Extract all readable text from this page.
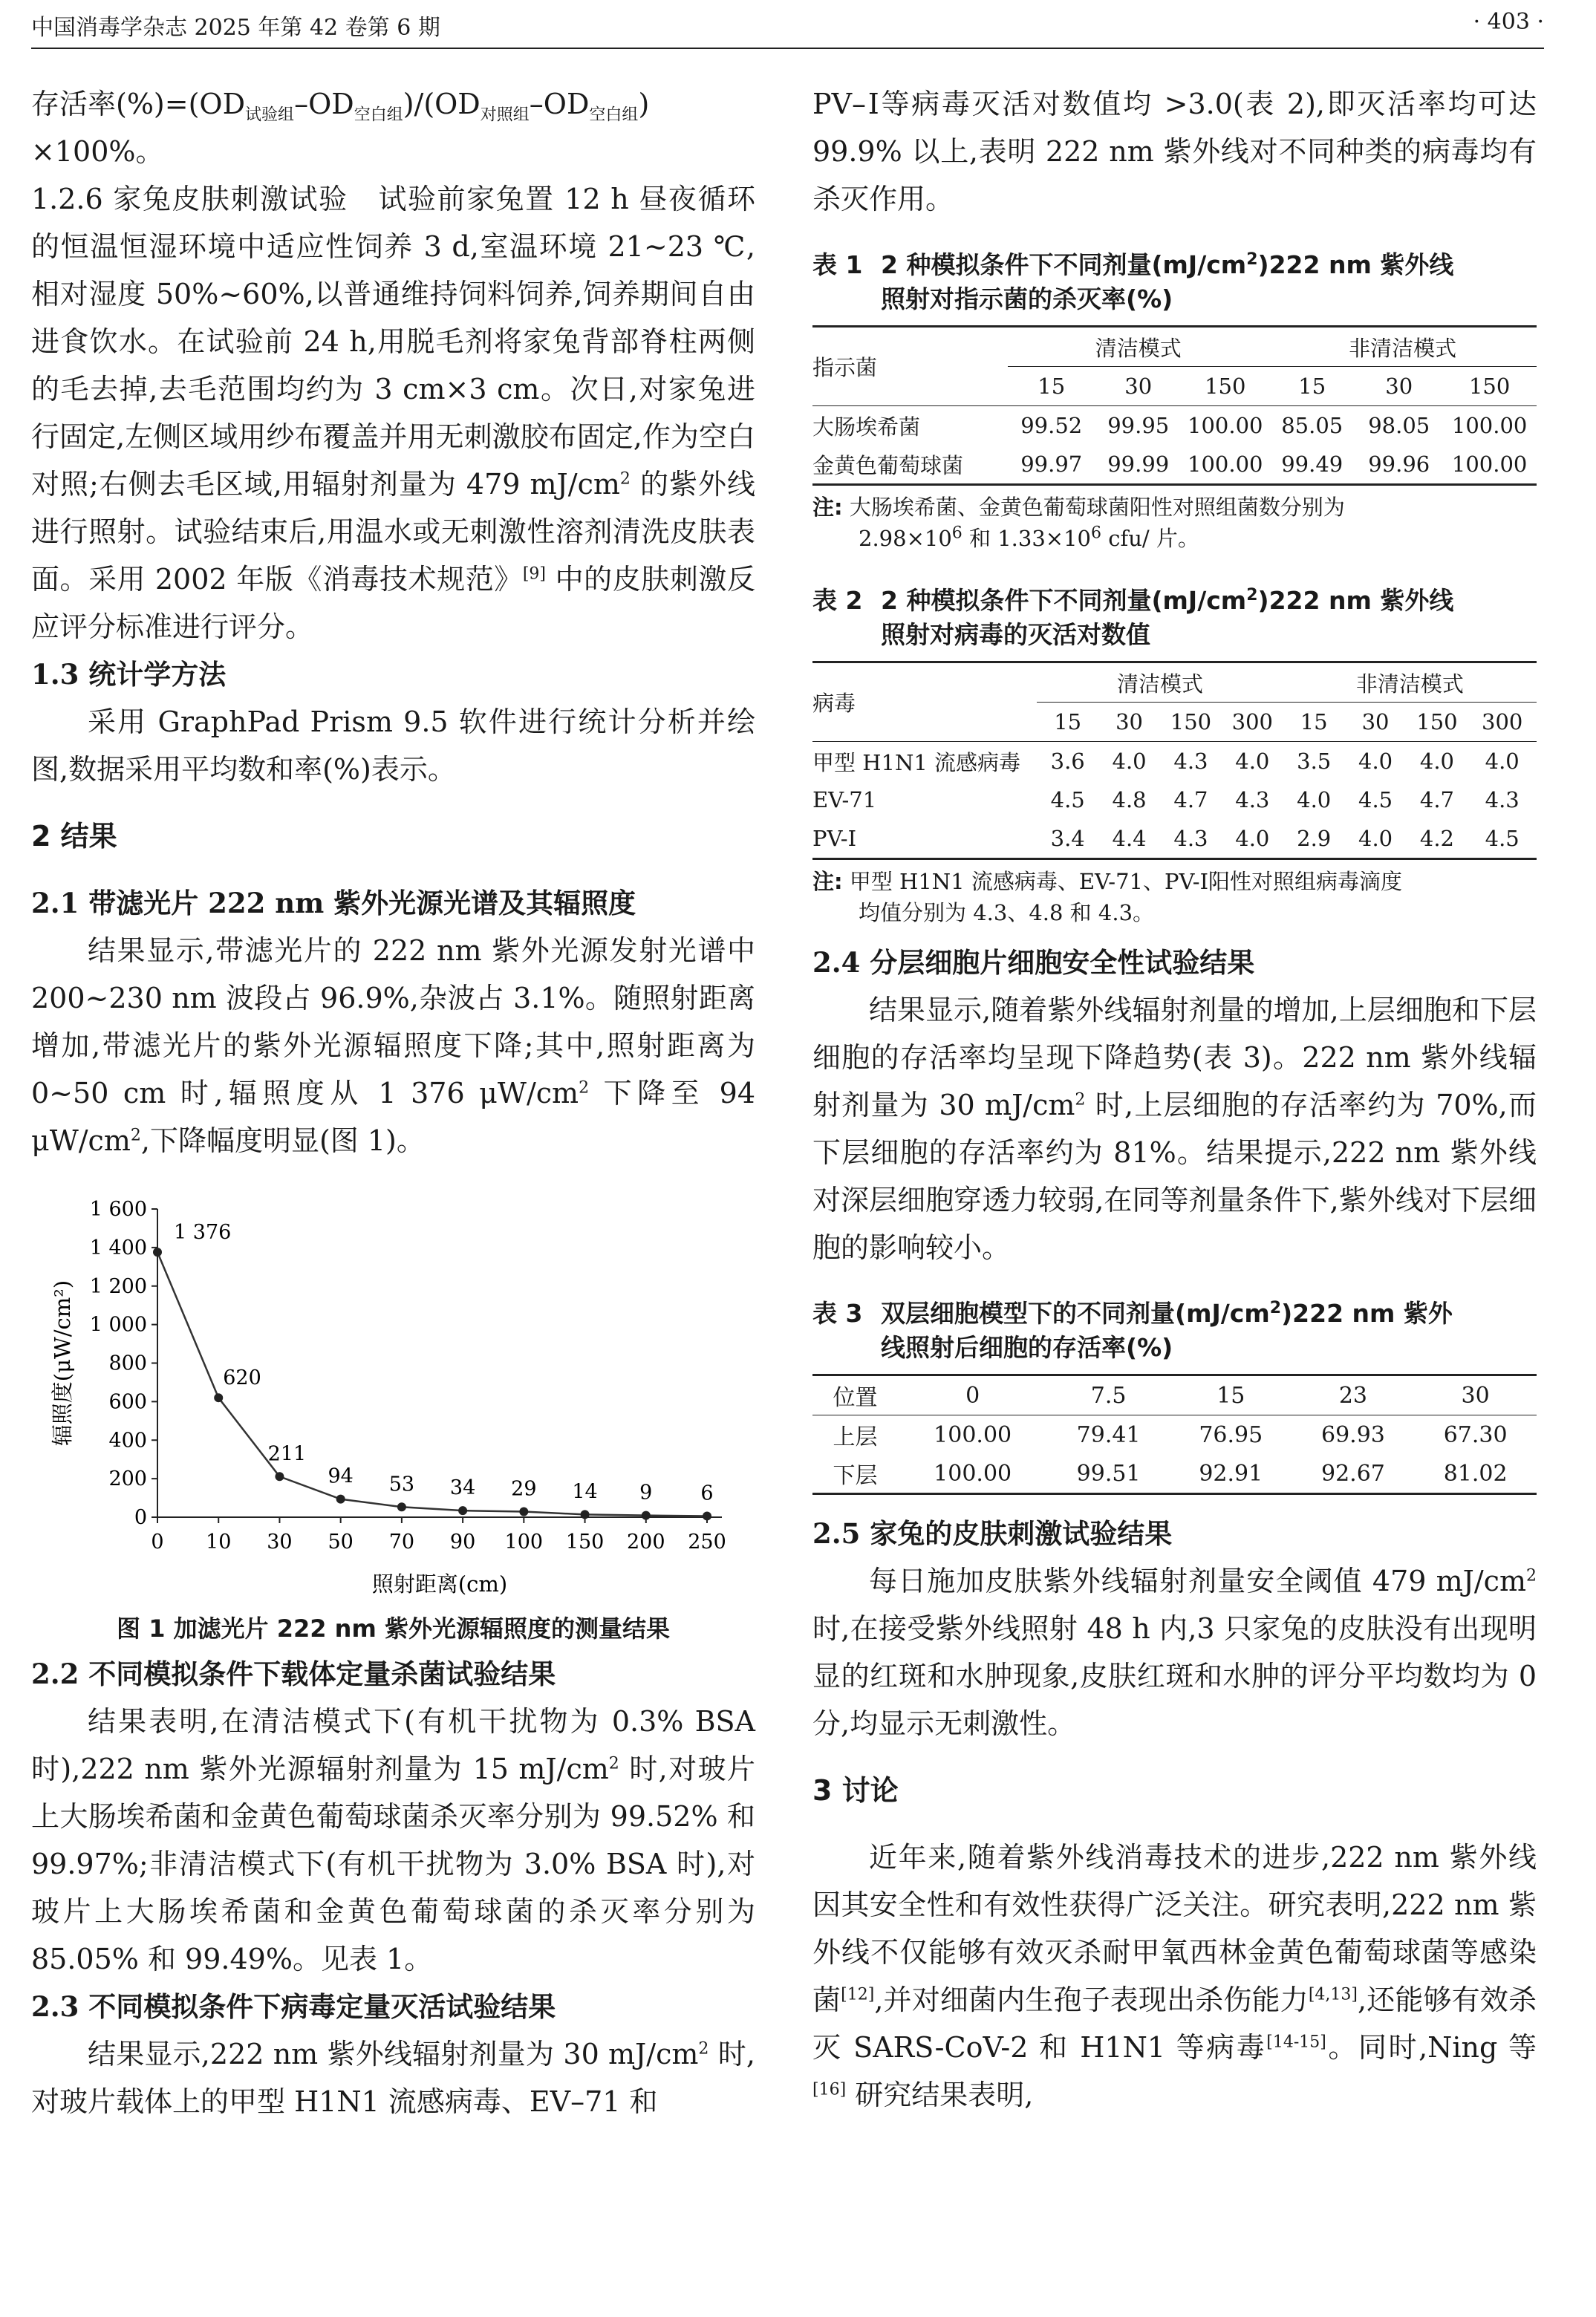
中国消毒学杂志 2025 年第 42 卷第 6 期	· 403 ·

存活率$(\%)=(OD_{试验组}-OD_{空白组})/(OD_{对照组}-OD_{空白组})$
×100%。

1.2.6 家兔皮肤刺激试验 试验前家兔置 12 h 昼夜循环的恒温恒湿环境中适应性饲养 3 d,室温环境 21~23 ℃,相对湿度 50%~60%,以普通维持饲料饲养,饲养期间自由进食饮水。在试验前 24 h,用脱毛剂将家兔背部脊柱两侧的毛去掉,去毛范围均约为 3 cm×3 cm。次日,对家兔进行固定,左侧区域用纱布覆盖并用无刺激胶布固定,作为空白对照;右侧去毛区域,用辐射剂量为 479 $mJ/cm^2$ 的紫外线进行照射。试验结束后,用温水或无刺激性溶剂清洗皮肤表面。采用 2002 年版《消毒技术规范》[9] 中的皮肤刺激反应评分标准进行评分。

1.3 统计学方法

采用 GraphPad Prism 9.5 软件进行统计分析并绘图,数据采用平均数和率(%)表示。

2 结果
2.1 带滤光片 222 nm 紫外光源光谱及其辐照度

结果显示,带滤光片的 222 nm 紫外光源发射光谱中 200~230 nm 波段占 96.9%,杂波占 3.1%。随照射距离增加,带滤光片的紫外光源辐照度下降;其中,照射距离为 0~50 cm 时,辐照度从 1 376 $\mu W/cm^2$ 下降至 94 $\mu W/cm^2$,下降幅度明显(图 1)。

0
200
400
600
800
1 000
1 200
1 400
1 600
0 10 30 50 70 90 100 150 200 250
1 376
620
211
94 53 34 29 14 9 6
照射距离(cm)
辐照度(μW/cm²)

图 1 加滤光片 222 nm 紫外光源辐照度的测量结果

2.2 不同模拟条件下载体定量杀菌试验结果

结果表明,在清洁模式下(有机干扰物为 0.3% BSA 时),222 nm 紫外光源辐射剂量为 15 $mJ/cm^2$ 时,对玻片上大肠埃希菌和金黄色葡萄球菌杀灭率分别为 99.52% 和 99.97%;非清洁模式下(有机干扰物为 3.0% BSA 时),对玻片上大肠埃希菌和金黄色葡萄球菌的杀灭率分别为 85.05% 和 99.49%。见表 1。

2.3 不同模拟条件下病毒定量灭活试验结果

结果显示,222 nm 紫外线辐射剂量为 30 $mJ/cm^2$ 时,对玻片载体上的甲型 H1N1 流感病毒、EV–71 和

PV–Ⅰ等病毒灭活对数值均 >3.0(表 2),即灭活率均可达 99.9% 以上,表明 222 nm 紫外线对不同种类的病毒均有杀灭作用。

表 1 2 种模拟条件下不同剂量$(mJ/cm^2)222$ nm 紫外线
照射对指示菌的杀灭率(%)

指示菌	清洁模式			非清洁模式		
	15	30	150	15	30	150
大肠埃希菌	99.52	99.95	100.00	85.05	98.05	100.00
金黄色葡萄球菌	99.97	99.99	100.00	99.49	99.96	100.00
注: 大肠埃希菌、金黄色葡萄球菌阳性对照组菌数分别为
$2.98\times 10^6$ 和 $1.33\times 10^6$ cfu/ 片。

表 2 2 种模拟条件下不同剂量$(mJ/cm^2)222$ nm 紫外线
照射对病毒的灭活对数值

病毒	清洁模式				非清洁模式			
	15	30	150	300	15	30	150	300
甲型 H1N1 流感病毒	3.6	4.0	4.3	4.0	3.5	4.0	4.0	4.0
EV-71	4.5	4.8	4.7	4.3	4.0	4.5	4.7	4.3
PV-Ⅰ	3.4	4.4	4.3	4.0	2.9	4.0	4.2	4.5
注: 甲型 H1N1 流感病毒、EV-71、PV-Ⅰ阳性对照组病毒滴度
均值分别为 4.3、4.8 和 4.3。
2.4 分层细胞片细胞安全性试验结果

结果显示,随着紫外线辐射剂量的增加,上层细胞和下层细胞的存活率均呈现下降趋势(表 3)。222 nm 紫外线辐射剂量为 30 $mJ/cm^2$ 时,上层细胞的存活率约为 70%,而下层细胞的存活率约为 81%。结果提示,222 nm 紫外线对深层细胞穿透力较弱,在同等剂量条件下,紫外线对下层细胞的影响较小。

表 3 双层细胞模型下的不同剂量$(mJ/cm^2)222$ nm 紫外
线照射后细胞的存活率(%)

位置	0	7.5	15	23	30
上层	100.00	79.41	76.95	69.93	67.30
下层	100.00	99.51	92.91	92.67	81.02
2.5 家兔的皮肤刺激试验结果

每日施加皮肤紫外线辐射剂量安全阈值 479 $mJ/cm^2$ 时,在接受紫外线照射 48 h 内,3 只家兔的皮肤没有出现明显的红斑和水肿现象,皮肤红斑和水肿的评分平均数均为 0 分,均显示无刺激性。

3 讨论

近年来,随着紫外线消毒技术的进步,222 nm 紫外线因其安全性和有效性获得广泛关注。研究表明,222 nm 紫外线不仅能够有效灭杀耐甲氧西林金黄色葡萄球菌等感染菌[12],并对细菌内生孢子表现出杀伤能力[4,13],还能够有效杀灭 SARS-CoV-2 和 H1N1 等病毒[14-15]。同时,Ning 等[16] 研究结果表明,
